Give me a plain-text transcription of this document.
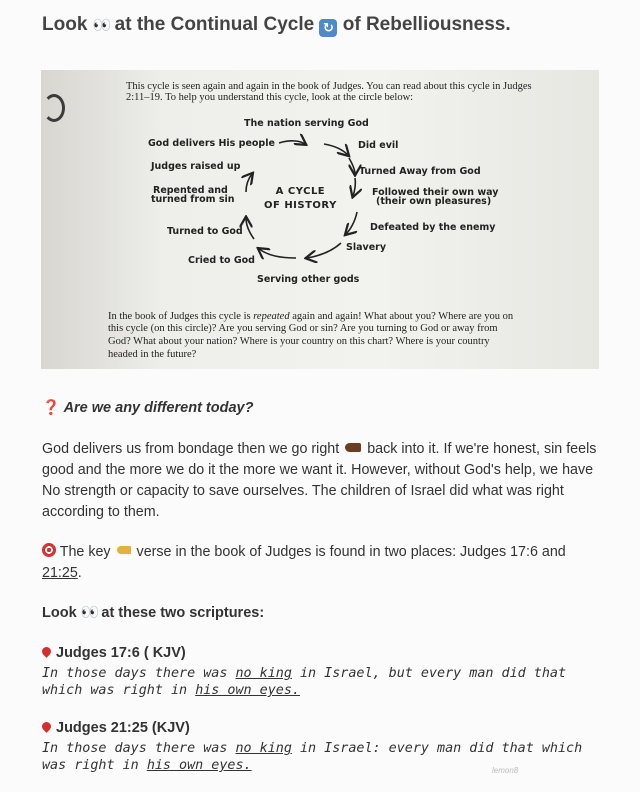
Look 👀 at the Continual Cycle ↻ of Rebelliousness.
This cycle is seen again and again in the book of Judges. You can read about this cycle in Judges
2:11–19. To help you understand this cycle, look at the circle below:
A CYCLE
OF HISTORY
The nation serving God
Did evil
Turned Away from God
Followed their own way
(their own pleasures)
Defeated by the enemy
Slavery
Serving other gods
Cried to God
Turned to God
Repented and
turned from sin
Judges raised up
God delivers His people
In the book of Judges this cycle is repeated again and again! What about you? Where are you on
this cycle (on this circle)? Are you serving God or sin? Are you turning to God or away from
God? What about your nation? Where is your country on this chart? Where is your country
headed in the future?
❓ Are we any different today?
God delivers us from bondage then we go right back into it. If we're honest, sin feels good and the more we do it the more we want it. However, without God's help, we have No strength or capacity to save ourselves. The children of Israel did what was right according to them.
The key verse in the book of Judges is found in two places: Judges 17:6 and 21:25.
Look 👀 at these two scriptures:
Judges 17:6 ( KJV)
In those days there was no king in Israel, but every man did that which was right in his own eyes.
Judges 21:25 (KJV)
In those days there was no king in Israel: every man did that which was right in his own eyes.	lemon8
